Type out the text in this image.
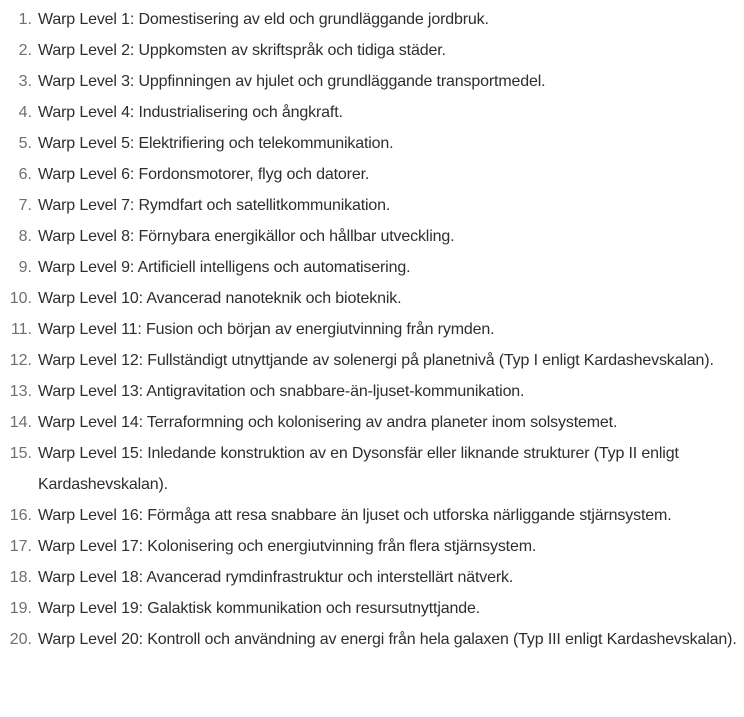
1. Warp Level 1: Domestisering av eld och grundläggande jordbruk.
2. Warp Level 2: Uppkomsten av skriftspråk och tidiga städer.
3. Warp Level 3: Uppfinningen av hjulet och grundläggande transportmedel.
4. Warp Level 4: Industrialisering och ångkraft.
5. Warp Level 5: Elektrifiering och telekommunikation.
6. Warp Level 6: Fordonsmotorer, flyg och datorer.
7. Warp Level 7: Rymdfart och satellitkommunikation.
8. Warp Level 8: Förnybara energikällor och hållbar utveckling.
9. Warp Level 9: Artificiell intelligens och automatisering.
10. Warp Level 10: Avancerad nanoteknik och bioteknik.
11. Warp Level 11: Fusion och början av energiutvinning från rymden.
12. Warp Level 12: Fullständigt utnyttjande av solenergi på planetnivå (Typ I enligt Kardashevskalan).
13. Warp Level 13: Antigravitation och snabbare-än-ljuset-kommunikation.
14. Warp Level 14: Terraformning och kolonisering av andra planeter inom solsystemet.
15. Warp Level 15: Inledande konstruktion av en Dysonsfär eller liknande strukturer (Typ II enligt Kardashevskalan).
16. Warp Level 16: Förmåga att resa snabbare än ljuset och utforska närliggande stjärnsystem.
17. Warp Level 17: Kolonisering och energiutvinning från flera stjärnsystem.
18. Warp Level 18: Avancerad rymdinfrastruktur och interstellärt nätverk.
19. Warp Level 19: Galaktisk kommunikation och resursutnyttjande.
20. Warp Level 20: Kontroll och användning av energi från hela galaxen (Typ III enligt Kardashevskalan).
